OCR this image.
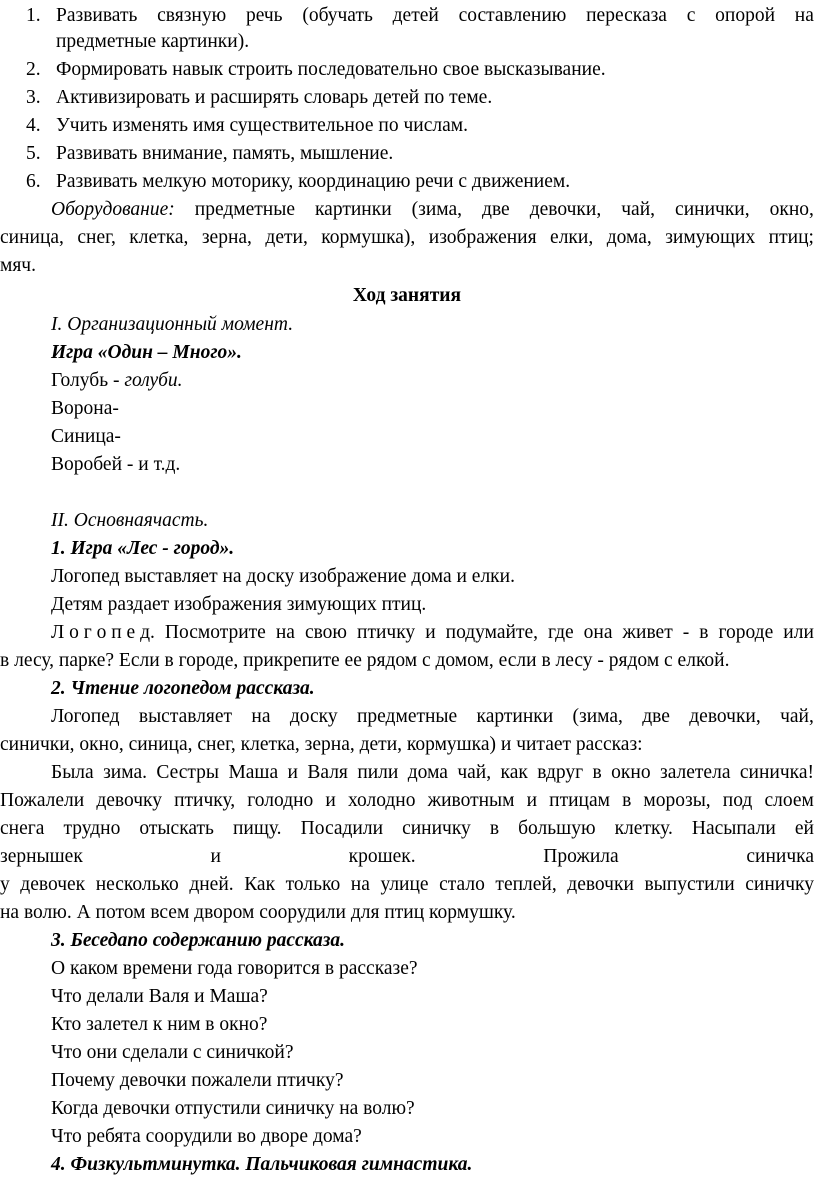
1. Развивать связную речь (обучать детей составлению пересказа с опорой на
предметные картинки).
2. Формировать навык строить последовательно свое высказывание.
3. Активизировать и расширять словарь детей по теме.
4. Учить изменять имя существительное по числам.
5. Развивать внимание, память, мышление.
6. Развивать мелкую моторику, координацию речи с движением.
Оборудование: предметные картинки (зима, две девочки, чай, синички, окно,
синица, снег, клетка, зерна, дети, кормушка), изображения елки, дома, зимующих птиц;
мяч.
Ход занятия
I. Организационный момент.
Игра «Один – Много».
Голубь - голуби.
Ворона-
Синица-
Воробей - и т.д.
II. Основнаячасть.
1. Игра «Лес - город».
Логопед выставляет на доску изображение дома и елки.
Детям раздает изображения зимующих птиц.
Л о г о п е д. Посмотрите на свою птичку и подумайте, где она живет - в городе или
в лесу, парке? Если в городе, прикрепите ее рядом с домом, если в лесу - рядом с елкой.
2. Чтение логопедом рассказа.
Логопед выставляет на доску предметные картинки (зима, две девочки, чай,
синички, окно, синица, снег, клетка, зерна, дети, кормушка) и читает рассказ:
Была зима. Сестры Маша и Валя пили дома чай, как вдруг в окно залетела синичка!
Пожалели девочку птичку, голодно и холодно животным и птицам в морозы, под слоем
снега трудно отыскать пищу. Посадили синичку в большую клетку. Насыпали ей
зернышек	и	крошек.	Прожила	синичка
у девочек несколько дней. Как только на улице стало теплей, девочки выпустили синичку
на волю. А потом всем двором соорудили для птиц кормушку.
3. Беседапо содержанию рассказа.
О каком времени года говорится в рассказе?
Что делали Валя и Маша?
Кто залетел к ним в окно?
Что они сделали с синичкой?
Почему девочки пожалели птичку?
Когда девочки отпустили синичку на волю?
Что ребята соорудили во дворе дома?
4. Физкультминутка. Пальчиковая гимнастика.
